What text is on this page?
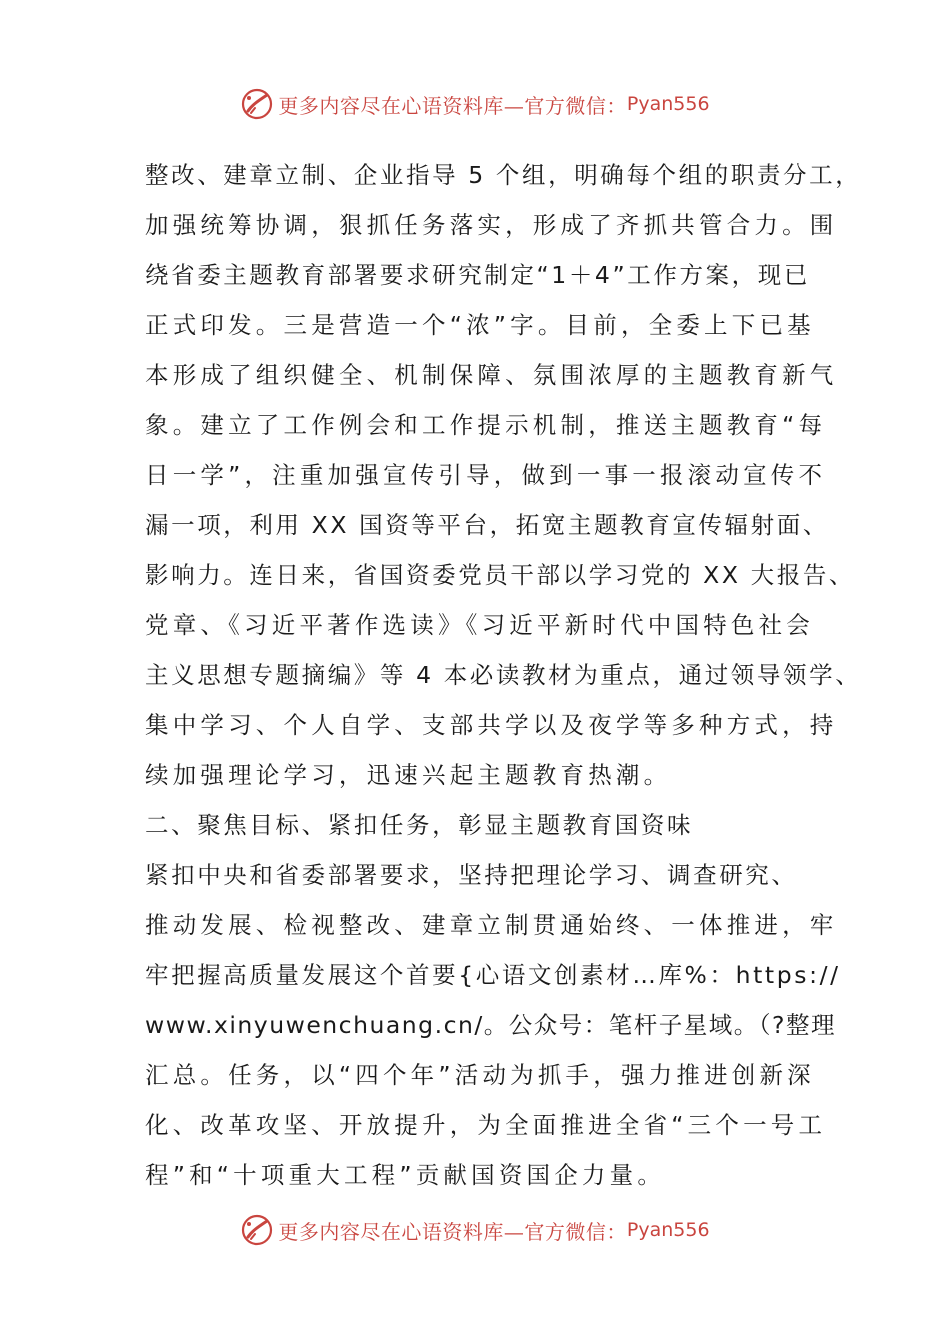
更多内容尽在心语资料库—官方微信： Pyan556
整改、建章立制、企业指导 5 个组，明确每个组的职责分工，
加强统筹协调，狠抓任务落实，形成了齐抓共管合力。围
绕省委主题教育部署要求研究制定“1＋4”工作方案，现已
正式印发。三是营造一个“浓”字。目前，全委上下已基
本形成了组织健全、机制保障、氛围浓厚的主题教育新气
象。建立了工作例会和工作提示机制，推送主题教育“每
日一学”，注重加强宣传引导，做到一事一报滚动宣传不
漏一项，利用 XX 国资等平台，拓宽主题教育宣传辐射面、
影响力。连日来，省国资委党员干部以学习党的 XX 大报告、
党章、《习近平著作选读》《习近平新时代中国特色社会
主义思想专题摘编》等 4 本必读教材为重点，通过领导领学、
集中学习、个人自学、支部共学以及夜学等多种方式，持
续加强理论学习，迅速兴起主题教育热潮。
二、聚焦目标、紧扣任务，彰显主题教育国资味
紧扣中央和省委部署要求，坚持把理论学习、调查研究、
推动发展、检视整改、建章立制贯通始终、一体推进，牢
牢把握高质量发展这个首要{心语文创素材…库%：https://
www.xinyuwenchuang.cn/。公众号：笔杆子星域。（?整理
汇总。任务，以“四个年”活动为抓手，强力推进创新深
化、改革攻坚、开放提升，为全面推进全省“三个一号工
程”和“十项重大工程”贡献国资国企力量。
更多内容尽在心语资料库—官方微信： Pyan556
